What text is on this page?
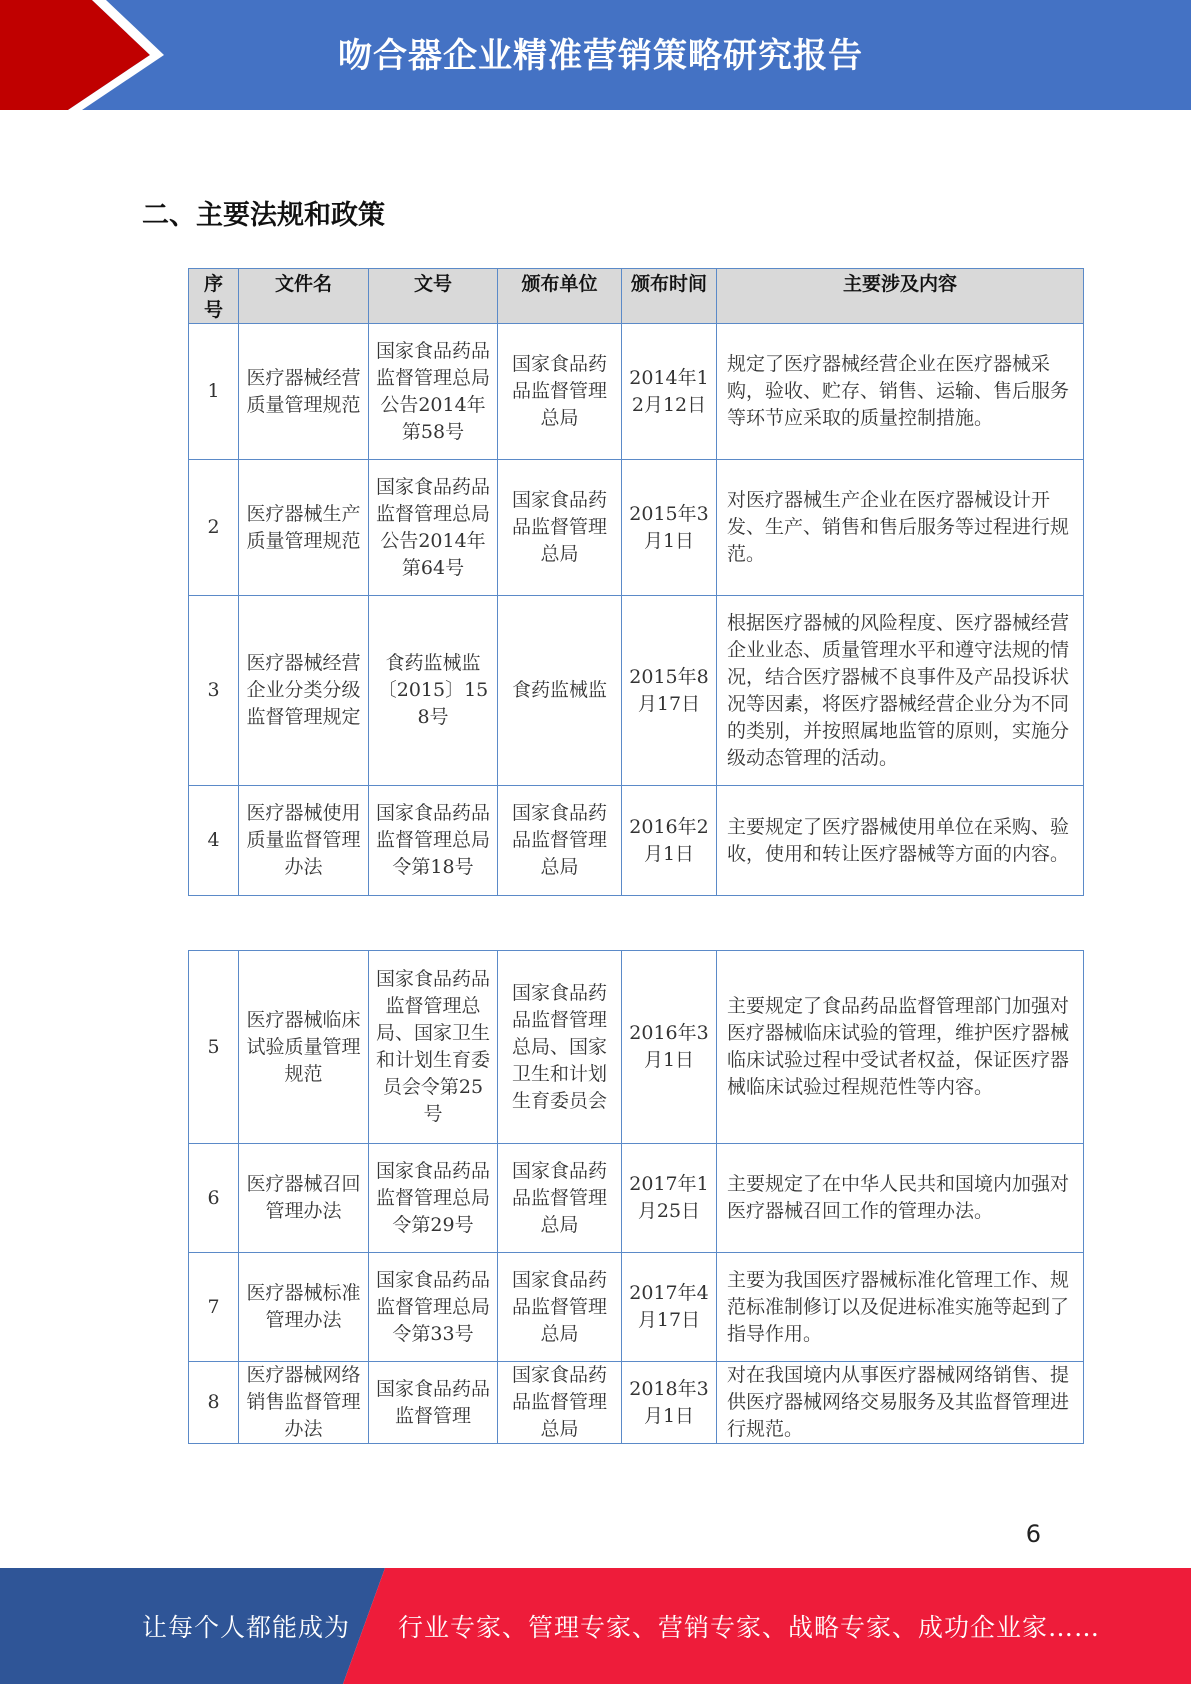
吻合器企业精准营销策略研究报告
二、主要法规和政策
序号	文件名	文号	颁布单位	颁布时间	主要涉及内容
1	医疗器械经营质量管理规范	国家食品药品监督管理总局公告2014年第58号	国家食品药品监督管理总局	2014年12月12日	规定了医疗器械经营企业在医疗器械采购，验收、贮存、销售、运输、售后服务等环节应采取的质量控制措施。
2	医疗器械生产质量管理规范	国家食品药品监督管理总局公告2014年第64号	国家食品药品监督管理总局	2015年3月1日	对医疗器械生产企业在医疗器械设计开发、生产、销售和售后服务等过程进行规范。
3	医疗器械经营企业分类分级监督管理规定	食药监械监〔2015〕158号	食药监械监	2015年8月17日	根据医疗器械的风险程度、医疗器械经营企业业态、质量管理水平和遵守法规的情况，结合医疗器械不良事件及产品投诉状况等因素，将医疗器械经营企业分为不同的类别，并按照属地监管的原则，实施分级动态管理的活动。
4	医疗器械使用质量监督管理办法	国家食品药品监督管理总局令第18号	国家食品药品监督管理总局	2016年2月1日	主要规定了医疗器械使用单位在采购、验收，使用和转让医疗器械等方面的内容。
5	医疗器械临床试验质量管理规范	国家食品药品监督管理总局、国家卫生和计划生育委员会令第25号	国家食品药品监督管理总局、国家卫生和计划生育委员会	2016年3月1日	主要规定了食品药品监督管理部门加强对医疗器械临床试验的管理，维护医疗器械临床试验过程中受试者权益，保证医疗器械临床试验过程规范性等内容。
6	医疗器械召回管理办法	国家食品药品监督管理总局令第29号	国家食品药品监督管理总局	2017年1月25日	主要规定了在中华人民共和国境内加强对医疗器械召回工作的管理办法。
7	医疗器械标准管理办法	国家食品药品监督管理总局令第33号	国家食品药品监督管理总局	2017年4月17日	主要为我国医疗器械标准化管理工作、规范标准制修订以及促进标准实施等起到了指导作用。
8	医疗器械网络销售监督管理办法	国家食品药品监督管理	国家食品药品监督管理总局	2018年3月1日	对在我国境内从事医疗器械网络销售、提供医疗器械网络交易服务及其监督管理进行规范。
6
让每个人都能成为 行业专家、管理专家、营销专家、战略专家、成功企业家……
